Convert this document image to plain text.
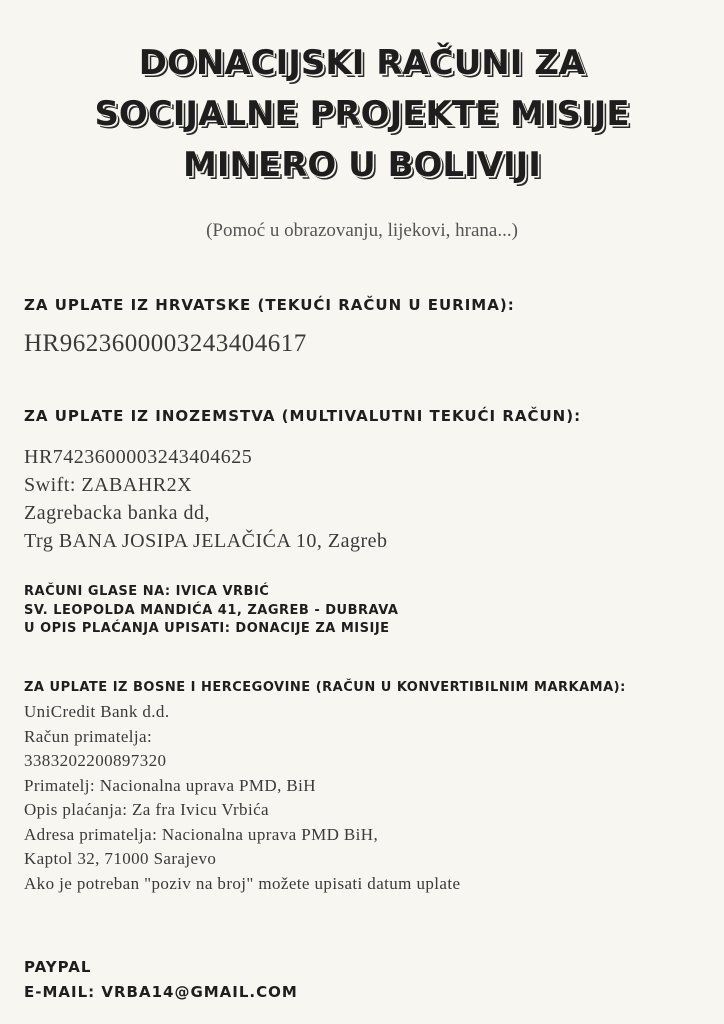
DONACIJSKI RAČUNI ZA
SOCIJALNE PROJEKTE MISIJE
MINERO U BOLIVIJI
(Pomoć u obrazovanju, lijekovi, hrana...)
ZA UPLATE IZ HRVATSKE (TEKUĆI RAČUN U EURIMA):
HR9623600003243404617
ZA UPLATE IZ INOZEMSTVA (MULTIVALUTNI TEKUĆI RAČUN):
HR7423600003243404625
Swift: ZABAHR2X
Zagrebacka banka dd,
Trg BANA JOSIPA JELAČIĆA 10, Zagreb
RAČUNI GLASE NA: IVICA VRBIĆ
SV. LEOPOLDA MANDIĆA 41, ZAGREB - DUBRAVA
U OPIS PLAĆANJA UPISATI: DONACIJE ZA MISIJE
ZA UPLATE IZ BOSNE I HERCEGOVINE (RAČUN U KONVERTIBILNIM MARKAMA):
UniCredit Bank d.d.
Račun primatelja:
3383202200897320
Primatelj: Nacionalna uprava PMD, BiH
Opis plaćanja: Za fra Ivicu Vrbića
Adresa primatelja: Nacionalna uprava PMD BiH,
Kaptol 32, 71000 Sarajevo
Ako je potreban "poziv na broj" možete upisati datum uplate
PAYPAL
E-MAIL: VRBA14@GMAIL.COM
